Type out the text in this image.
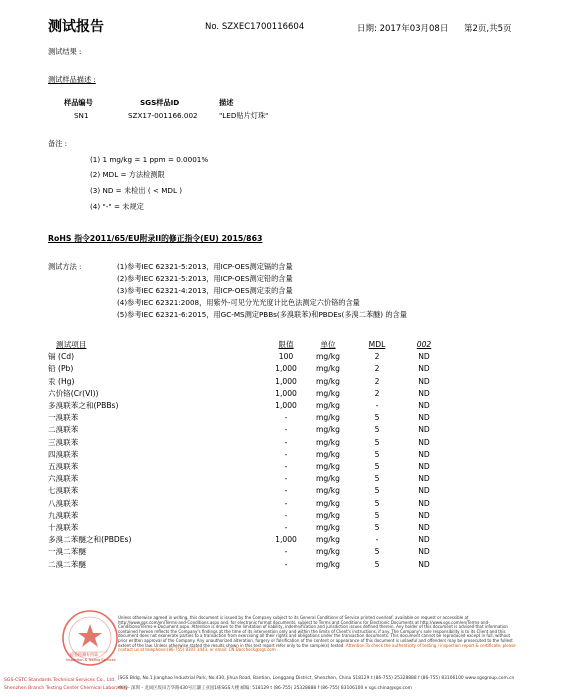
测试报告	No. SZXEC1700116604	日期: 2017年03月08日 第2页,共5页
测试结果 :
测试样品描述 :
样品编号	SGS样品ID	描述
SN1	SZX17-001166.002	"LED贴片灯珠"
备注 :
(1) 1 mg/kg = 1 ppm = 0.0001%
(2) MDL = 方法检测限
(3) ND = 未检出 ( < MDL )
(4) "-" = 未规定
RoHS 指令2011/65/EU附录II的修正指令(EU) 2015/863
测试方法 :	(1)参考IEC 62321-5:2013，用ICP-OES测定镉的含量
(2)参考IEC 62321-5:2013，用ICP-OES测定铅的含量
(3)参考IEC 62321-4:2013，用ICP-OES测定汞的含量
(4)参考IEC 62321:2008，用紫外-可见分光光度计比色法测定六价铬的含量
(5)参考IEC 62321-6:2015，用GC-MS测定PBBs(多溴联苯)和PBDEs(多溴二苯醚) 的含量
测试项目	限值	单位	MDL	002
镉 (Cd)	100	mg/kg	2	ND
铅 (Pb)	1,000	mg/kg	2	ND
汞 (Hg)	1,000	mg/kg	2	ND
六价铬(Cr(VI))	1,000	mg/kg	2	ND
多溴联苯之和(PBBs)	1,000	mg/kg	-	ND
一溴联苯	-	mg/kg	5	ND
二溴联苯	-	mg/kg	5	ND
三溴联苯	-	mg/kg	5	ND
四溴联苯	-	mg/kg	5	ND
五溴联苯	-	mg/kg	5	ND
六溴联苯	-	mg/kg	5	ND
七溴联苯	-	mg/kg	5	ND
八溴联苯	-	mg/kg	5	ND
九溴联苯	-	mg/kg	5	ND
十溴联苯	-	mg/kg	5	ND
多溴二苯醚之和(PBDEs)	1,000	mg/kg	-	ND
一溴二苯醚	-	mg/kg	5	ND
二溴二苯醚	-	mg/kg	5	ND
检验检测专用章
Inspection & Testing Services
Unless otherwise agreed in writing, this document is issued by the Company subject to its General Conditions of Service printed overleaf, available on request or accessible at http://www.sgs.com/en/Terms-and-Conditions.aspx and, for electronic format documents, subject to Terms and Conditions for Electronic Documents at http://www.sgs.com/en/Terms-and-Conditions/Terms-e-Document.aspx. Attention is drawn to the limitation of liability, indemnification and jurisdiction issues defined therein. Any holder of this document is advised that information contained hereon reflects the Company's findings at the time of its intervention only and within the limits of Client's instructions, if any. The Company's sole responsibility is to its Client and this document does not exonerate parties to a transaction from exercising all their rights and obligations under the transaction documents. This document cannot be reproduced except in full, without prior written approval of the Company. Any unauthorized alteration, forgery or falsification of the content or appearance of this document is unlawful and offenders may be prosecuted to the fullest extent of the law. Unless otherwise stated the results shown in this test report refer only to the sample(s) tested. Attention:To check the authenticity of testing / inspection report & certificate, please contact us at telephone:(86-755) 8307 1443, or email: CN.Doccheck@sgs.com
SGS-CSTC Standards Technical Services Co., Ltd.
Shenzhen Branch Testing Center Chemical Laboratory
|SGS Bldg, No.1 Jianghao Industrial Park, No.430, Jihua Road, Bantian, Longgang District, Shenzhen, China 518129 t (86-755) 25328888 f (86-755) 83106100 www.sgsgroup.com.cn
中国・深圳・龙岗区坂田吉华路430号江灏工业园1栋SGS大楼 邮编: 518129 t (86-755) 25328888 f (86-755) 83106100 e sgs.china@sgs.com
